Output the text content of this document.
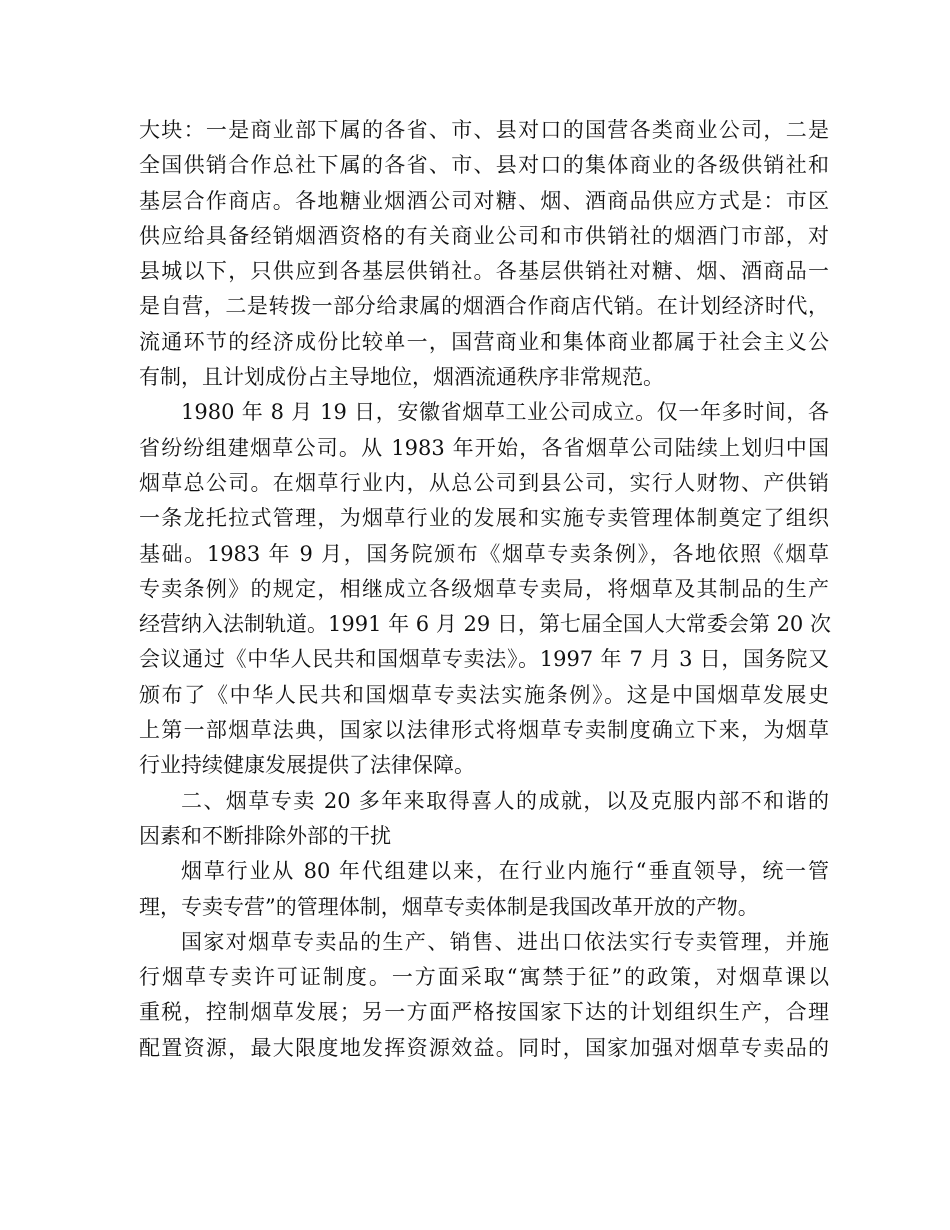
大块：一是商业部下属的各省、市、县对口的国营各类商业公司，二是
全国供销合作总社下属的各省、市、县对口的集体商业的各级供销社和
基层合作商店。各地糖业烟酒公司对糖、烟、酒商品供应方式是：市区
供应给具备经销烟酒资格的有关商业公司和市供销社的烟酒门市部，对
县城以下，只供应到各基层供销社。各基层供销社对糖、烟、酒商品一
是自营，二是转拨一部分给隶属的烟酒合作商店代销。在计划经济时代，
流通环节的经济成份比较单一，国营商业和集体商业都属于社会主义公
有制，且计划成份占主导地位，烟酒流通秩序非常规范。
1980 年 8 月 19 日，安徽省烟草工业公司成立。仅一年多时间，各
省纷纷组建烟草公司。从 1983 年开始，各省烟草公司陆续上划归中国
烟草总公司。在烟草行业内，从总公司到县公司，实行人财物、产供销
一条龙托拉式管理，为烟草行业的发展和实施专卖管理体制奠定了组织
基础。1983 年 9 月，国务院颁布《烟草专卖条例》，各地依照《烟草
专卖条例》的规定，相继成立各级烟草专卖局，将烟草及其制品的生产
经营纳入法制轨道。1991 年 6 月 29 日，第七届全国人大常委会第 20 次
会议通过《中华人民共和国烟草专卖法》。1997 年 7 月 3 日，国务院又
颁布了《中华人民共和国烟草专卖法实施条例》。这是中国烟草发展史
上第一部烟草法典，国家以法律形式将烟草专卖制度确立下来，为烟草
行业持续健康发展提供了法律保障。
二、烟草专卖 20 多年来取得喜人的成就，以及克服内部不和谐的
因素和不断排除外部的干扰
烟草行业从 80 年代组建以来，在行业内施行“垂直领导，统一管
理，专卖专营”的管理体制，烟草专卖体制是我国改革开放的产物。
国家对烟草专卖品的生产、销售、进出口依法实行专卖管理，并施
行烟草专卖许可证制度。一方面采取“寓禁于征”的政策，对烟草课以
重税，控制烟草发展；另一方面严格按国家下达的计划组织生产，合理
配置资源，最大限度地发挥资源效益。同时，国家加强对烟草专卖品的
